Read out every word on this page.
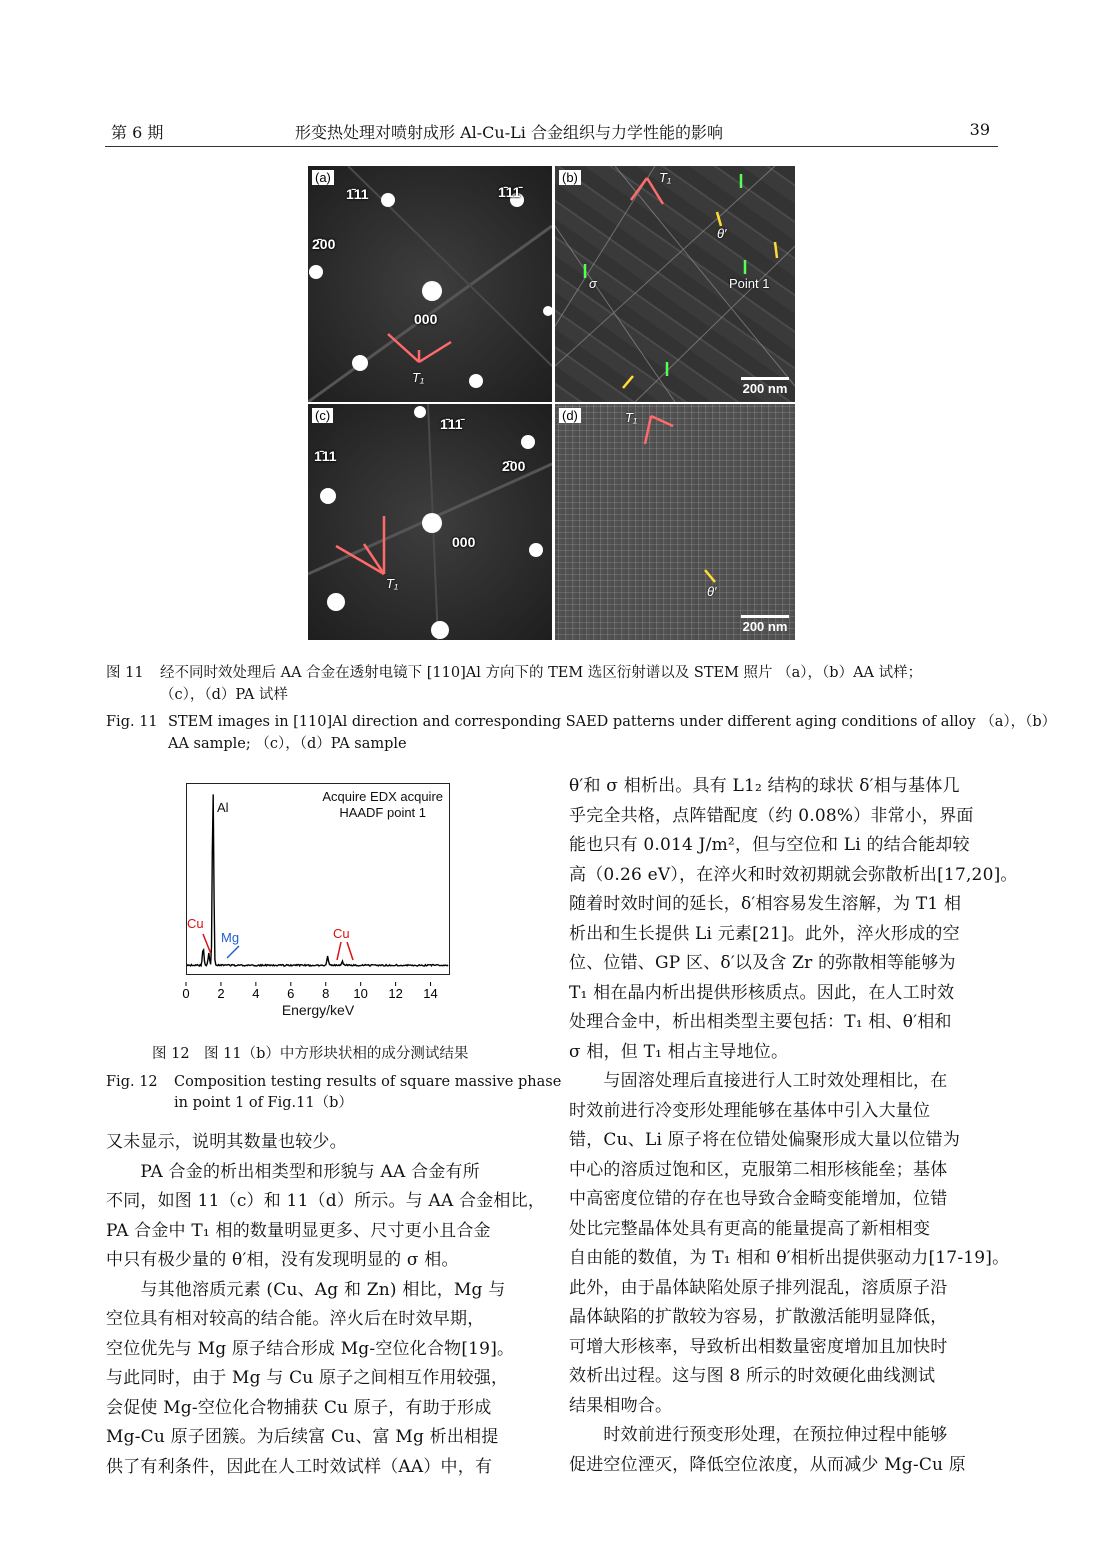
第 6 期	形变热处理对喷射成形 Al-Cu-Li 合金组织与力学性能的影响	39
(a)
1̄11	1̄11̄
2̄00
000
T₁
(b)	T₁
θ′
σ	Point 1
200 nm
(c)
1̄11̄
1̄11
2̄00
000
T₁
(d)	T₁
θ′
200 nm
图 11 经不同时效处理后 AA 合金在透射电镜下 [110]Al 方向下的 TEM 选区衍射谱以及 STEM 照片 （a），（b）AA 试样；
（c），（d）PA 试样
Fig. 11 STEM images in [110]Al direction and corresponding SAED patterns under different aging conditions of alloy （a），（b）
AA sample; （c），（d）PA sample
Acquire EDX acquire
HAADF point 1
Al
Cu
Mg	Cu
0 2 4 6 8 10 12 14
Energy/keV
图 12　图 11（b）中方形块状相的成分测试结果
Fig. 12 Composition testing results of square massive phase
in point 1 of Fig.11（b）
又未显示，说明其数量也较少。
　　PA 合金的析出相类型和形貌与 AA 合金有所
不同，如图 11（c）和 11（d）所示。与 AA 合金相比，
PA 合金中 T₁ 相的数量明显更多、尺寸更小且合金
中只有极少量的 θ′相，没有发现明显的 σ 相。
　　与其他溶质元素 (Cu、Ag 和 Zn) 相比，Mg 与
空位具有相对较高的结合能。淬火后在时效早期，
空位优先与 Mg 原子结合形成 Mg-空位化合物[19]。
与此同时，由于 Mg 与 Cu 原子之间相互作用较强，
会促使 Mg-空位化合物捕获 Cu 原子，有助于形成
Mg-Cu 原子团簇。为后续富 Cu、富 Mg 析出相提
供了有利条件，因此在人工时效试样（AA）中，有
θ′和 σ 相析出。具有 L1₂ 结构的球状 δ′相与基体几
乎完全共格，点阵错配度（约 0.08%）非常小，界面
能也只有 0.014 J/m²，但与空位和 Li 的结合能却较
高（0.26 eV），在淬火和时效初期就会弥散析出[17,20]。
随着时效时间的延长，δ′相容易发生溶解，为 T1 相
析出和生长提供 Li 元素[21]。此外，淬火形成的空
位、位错、GP 区、δ′以及含 Zr 的弥散相等能够为
T₁ 相在晶内析出提供形核质点。因此，在人工时效
处理合金中，析出相类型主要包括：T₁ 相、θ′相和
σ 相，但 T₁ 相占主导地位。
　　与固溶处理后直接进行人工时效处理相比，在
时效前进行冷变形处理能够在基体中引入大量位
错，Cu、Li 原子将在位错处偏聚形成大量以位错为
中心的溶质过饱和区，克服第二相形核能垒；基体
中高密度位错的存在也导致合金畸变能增加，位错
处比完整晶体处具有更高的能量提高了新相相变
自由能的数值，为 T₁ 相和 θ′相析出提供驱动力[17-19]。
此外，由于晶体缺陷处原子排列混乱，溶质原子沿
晶体缺陷的扩散较为容易，扩散激活能明显降低，
可增大形核率，导致析出相数量密度增加且加快时
效析出过程。这与图 8 所示的时效硬化曲线测试
结果相吻合。
　　时效前进行预变形处理，在预拉伸过程中能够
促进空位湮灭，降低空位浓度，从而减少 Mg-Cu 原
